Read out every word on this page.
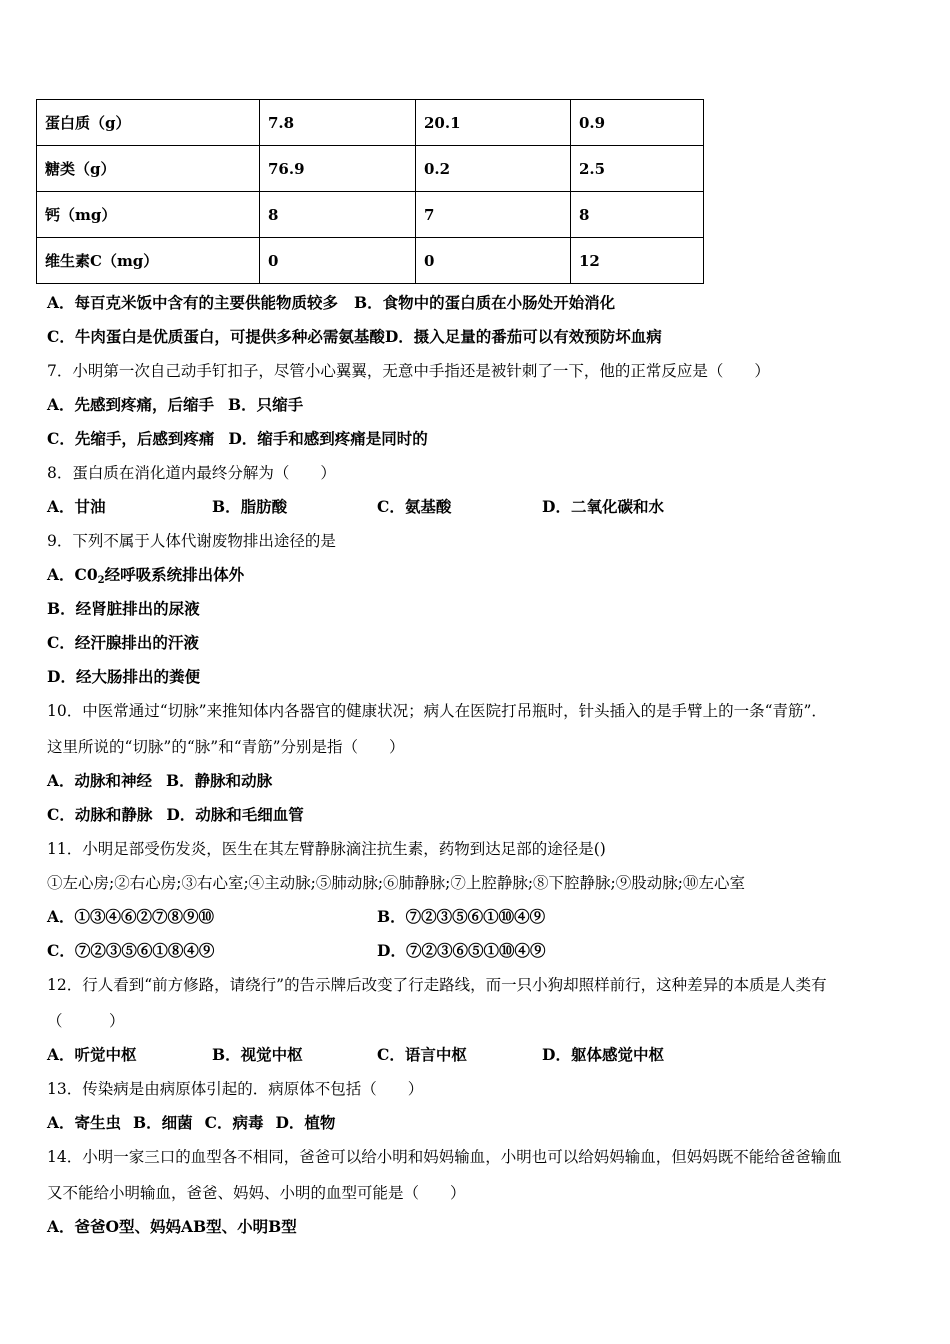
蛋白质（g）	7.8	20.1	0.9
糖类（g）	76.9	0.2	2.5
钙（mg）	8	7	8
维生素C（mg）	0	0	12
A．每百克米饭中含有的主要供能物质较多 B．食物中的蛋白质在小肠处开始消化
C．牛肉蛋白是优质蛋白，可提供多种必需氨基酸D．摄入足量的番茄可以有效预防坏血病
7．小明第一次自己动手钉扣子，尽管小心翼翼，无意中手指还是被针刺了一下，他的正常反应是（　　）
A．先感到疼痛，后缩手 B．只缩手
C．先缩手，后感到疼痛 D．缩手和感到疼痛是同时的
8．蛋白质在消化道内最终分解为（　　）
A．甘油	B．脂肪酸	C．氨基酸	D．二氧化碳和水
9．下列不属于人体代谢废物排出途径的是
A．$C0_2$经呼吸系统排出体外
B．经肾脏排出的尿液
C．经汗腺排出的汗液
D．经大肠排出的粪便
10．中医常通过“切脉”来推知体内各器官的健康状况；病人在医院打吊瓶时，针头插入的是手臂上的一条“青筋”．
这里所说的“切脉”的“脉”和“青筋”分别是指（　　）
A．动脉和神经 B．静脉和动脉
C．动脉和静脉 D．动脉和毛细血管
11．小明足部受伤发炎，医生在其左臂静脉滴注抗生素，药物到达足部的途径是()
①左心房;②右心房;③右心室;④主动脉;⑤肺动脉;⑥肺静脉;⑦上腔静脉;⑧下腔静脉;⑨股动脉;⑩左心室
A．①③④⑥②⑦⑧⑨⑩	B．⑦②③⑤⑥①⑩④⑨
C．⑦②③⑤⑥①⑧④⑨	D．⑦②③⑥⑤①⑩④⑨
12．行人看到“前方修路，请绕行”的告示牌后改变了行走路线，而一只小狗却照样前行，这种差异的本质是人类有
（　　　）
A．听觉中枢	B．视觉中枢	C．语言中枢	D．躯体感觉中枢
13．传染病是由病原体引起的．病原体不包括（　　）
A．寄生虫 B．细菌 C．病毒 D．植物
14．小明一家三口的血型各不相同，爸爸可以给小明和妈妈输血，小明也可以给妈妈输血，但妈妈既不能给爸爸输血
又不能给小明输血，爸爸、妈妈、小明的血型可能是（　　）
A．爸爸O型、妈妈AB型、小明B型
